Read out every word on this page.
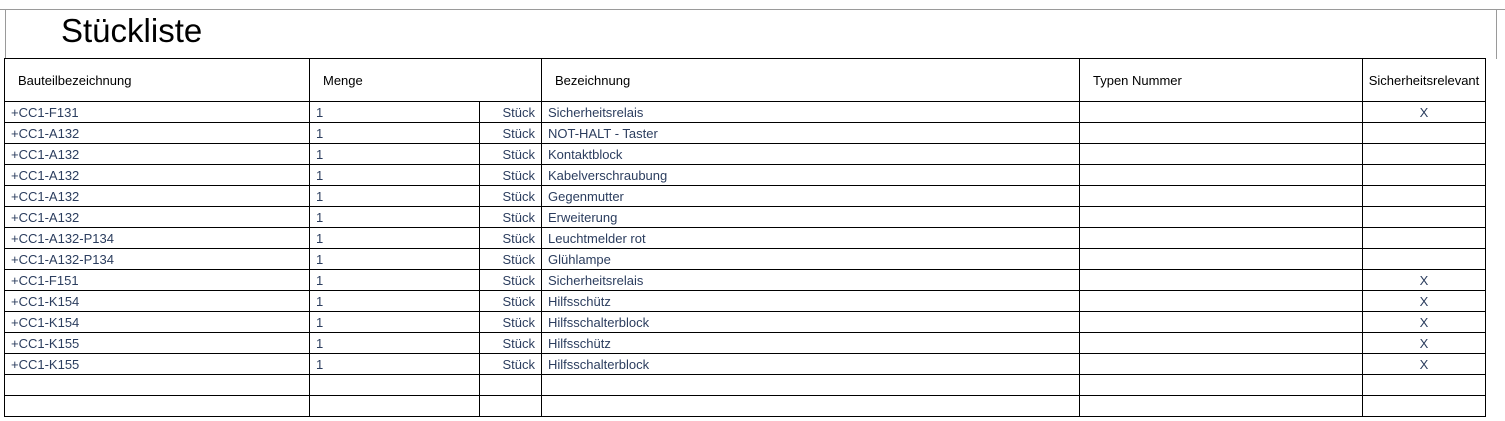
Stückliste
Bauteilbezeichnung	Menge		Bezeichnung	Typen Nummer	Sicherheitsrelevant
+CC1-F131	1	Stück	Sicherheitsrelais		X
+CC1-A132	1	Stück	NOT-HALT - Taster		
+CC1-A132	1	Stück	Kontaktblock		
+CC1-A132	1	Stück	Kabelverschraubung		
+CC1-A132	1	Stück	Gegenmutter		
+CC1-A132	1	Stück	Erweiterung		
+CC1-A132-P134	1	Stück	Leuchtmelder rot		
+CC1-A132-P134	1	Stück	Glühlampe		
+CC1-F151	1	Stück	Sicherheitsrelais		X
+CC1-K154	1	Stück	Hilfsschütz		X
+CC1-K154	1	Stück	Hilfsschalterblock		X
+CC1-K155	1	Stück	Hilfsschütz		X
+CC1-K155	1	Stück	Hilfsschalterblock		X
